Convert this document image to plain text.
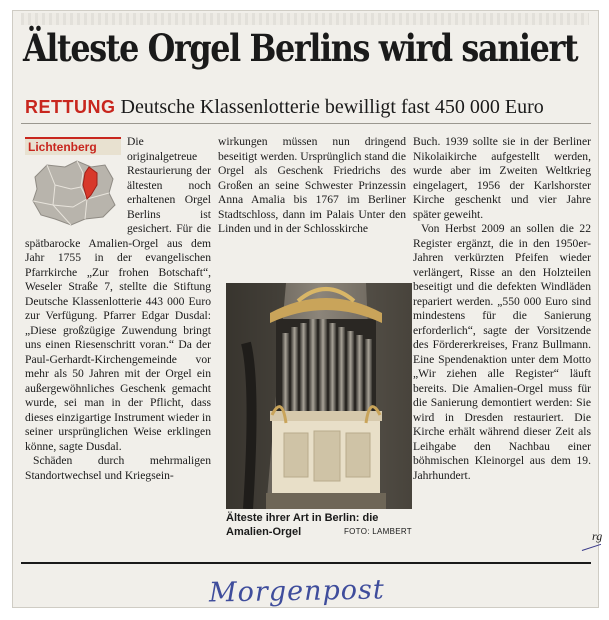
Älteste Orgel Berlins wird saniert
RETTUNG Deutsche Klassenlotterie bewilligt fast 450 000 Euro
Lichtenberg	Die originalgetreue Restaurierung der ältesten noch erhaltenen Orgel Berlins ist gesichert. Für die spätbarocke Amalien-Orgel aus dem Jahr 1755 in der evangelischen Pfarrkirche „Zur frohen Botschaft“, Weseler Straße 7, stellte die Stiftung Deutsche Klassenlotterie 443 000 Euro zur Verfügung. Pfarrer Edgar Dusdal: „Diese großzügige Zuwendung bringt uns einen Riesenschritt voran.“ Da der Paul-Gerhardt-Kirchengemeinde vor mehr als 50 Jahren mit der Orgel ein außergewöhnliches Geschenk gemacht wurde, sei man in der Pflicht, dass dieses einzigartige Instrument wieder in seiner ursprünglichen Weise erklingen könne, sagte Dusdal.

Schäden durch mehrmaligen Standortwechsel und Kriegsein-

wirkungen müssen nun dringend beseitigt werden. Ursprünglich stand die Orgel als Geschenk Friedrichs des Großen an seine Schwester Prinzessin Anna Amalia bis 1767 im Berliner Stadtschloss, dann im Palais Unter den Linden und in der Schlosskirche

Buch. 1939 sollte sie in der Berliner Nikolaikirche aufgestellt werden, wurde aber im Zweiten Weltkrieg eingelagert, 1956 der Karlshorster Kirche geschenkt und vier Jahre später geweiht.

Von Herbst 2009 an sollen die 22 Register ergänzt, die in den 1950er-Jahren verkürzten Pfeifen wieder verlängert, Risse an den Holzteilen beseitigt und die defekten Windläden repariert werden. „550 000 Euro sind mindestens für die Sanierung erforderlich“, sagte der Vorsitzende des Fördererkreises, Franz Bullmann. Eine Spendenaktion unter dem Motto „Wir ziehen alle Register“ läuft bereits. Die Amalien-Orgel muss für die Sanierung demontiert werden: Sie wird in Dresden restauriert. Die Kirche erhält während dieser Zeit als Leihgabe den Nachbau einer böhmischen Kleinorgel aus dem 19. Jahrhundert.

Älteste ihrer Art in Berlin: die Amalien-Orgel	FOTO: LAMBERT	rg
Morgenpost
